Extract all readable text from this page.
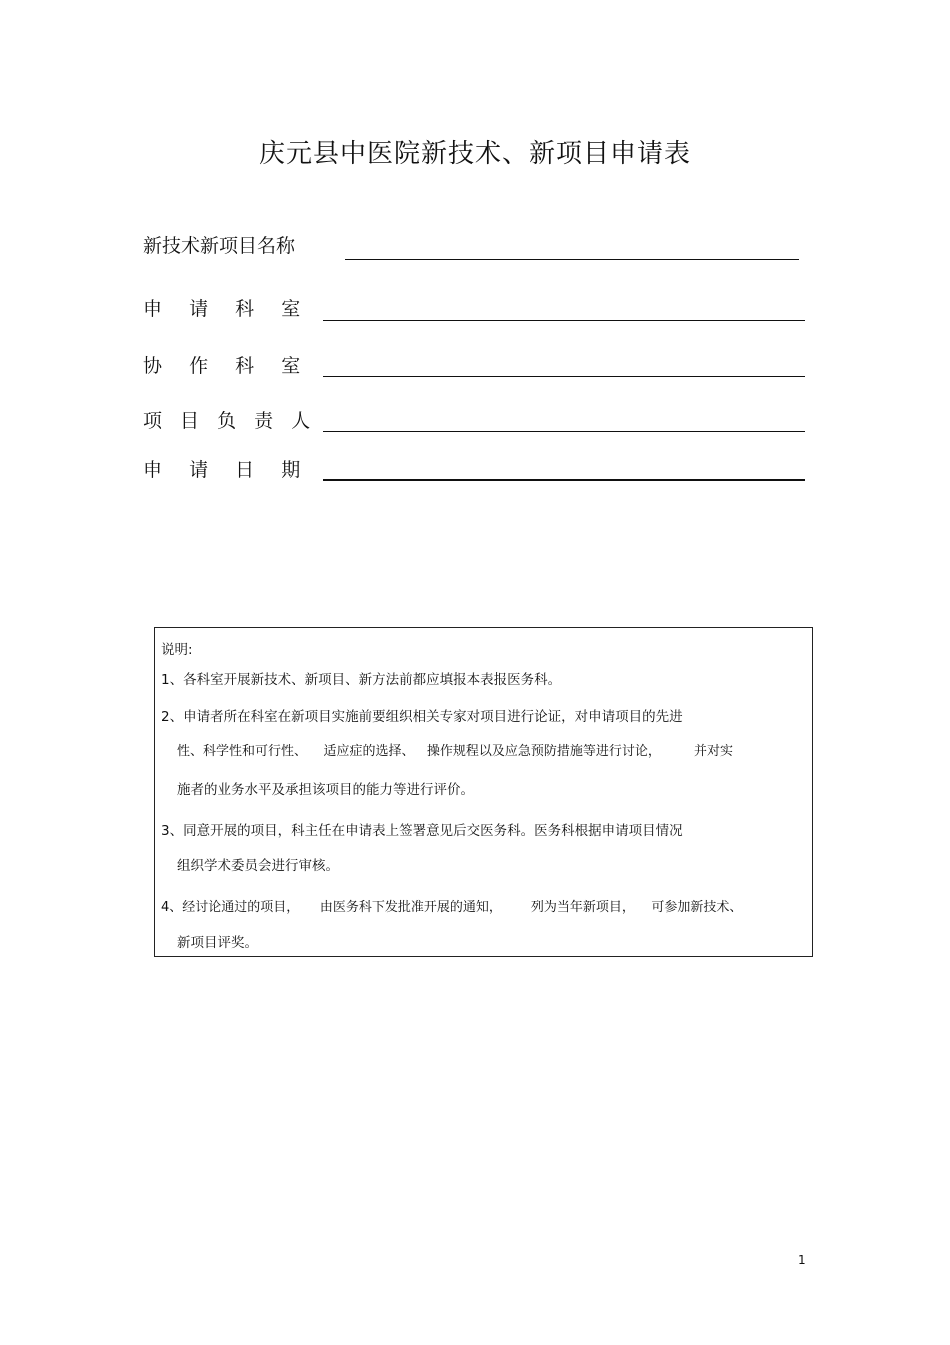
庆元县中医院新技术、新项目申请表
新技术新项目名称
申  请  科  室
协  作  科  室
项 目 负 责 人
申  请  日  期
说明:
1、各科室开展新技术、新项目、新方法前都应填报本表报医务科。
2、申请者所在科室在新项目实施前要组织相关专家对项目进行论证，对申请项目的先进
性、科学性和可行性、    适应症的选择、   操作规程以及应急预防措施等进行讨论，        并对实
施者的业务水平及承担该项目的能力等进行评价。
3、同意开展的项目，科主任在申请表上签署意见后交医务科。医务科根据申请项目情况
组织学术委员会进行审核。
4、经讨论通过的项目，     由医务科下发批准开展的通知，       列为当年新项目，    可参加新技术、
新项目评奖。
1
